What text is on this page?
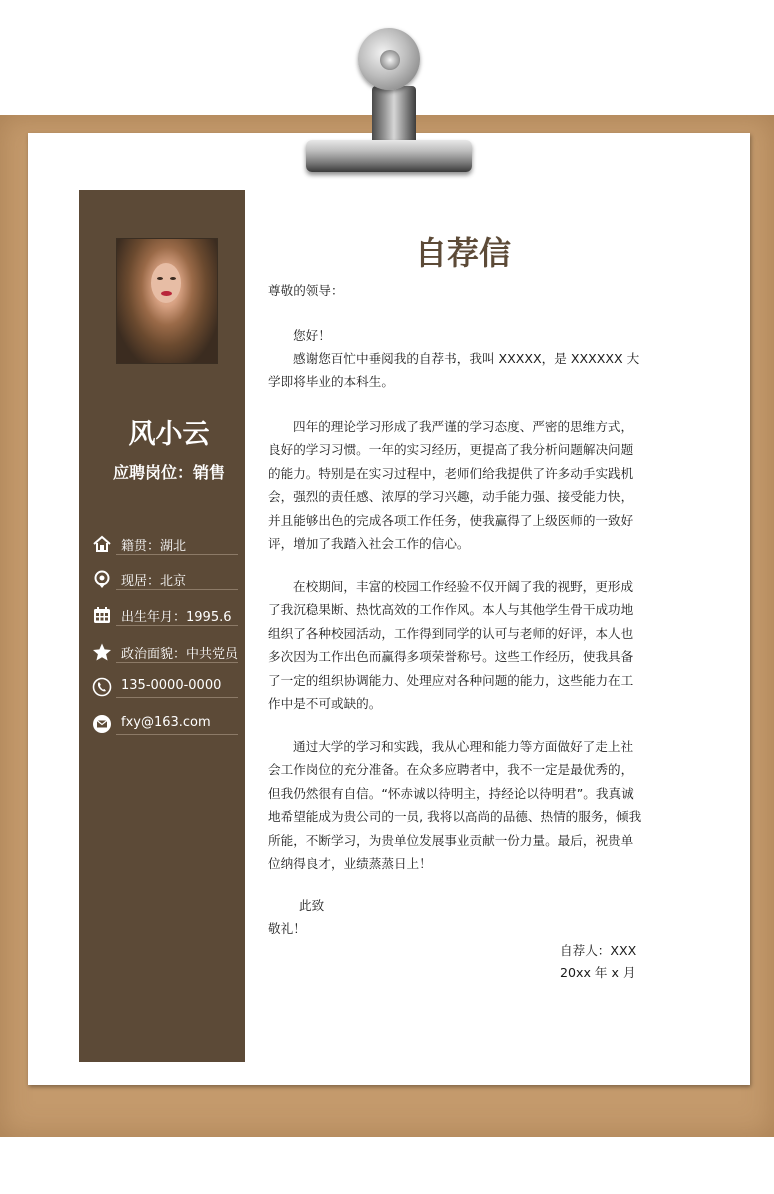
风小云
应聘岗位：销售
籍贯：湖北
现居：北京
出生年月：1995.6
政治面貌：中共党员
135-0000-0000
fxy@163.com
自荐信
尊敬的领导：
您好！
感谢您百忙中垂阅我的自荐书，我叫 XXXXX，是 XXXXXX 大学即将毕业的本科生。
四年的理论学习形成了我严谨的学习态度、严密的思维方式，良好的学习习惯。一年的实习经历，更提高了我分析问题解决问题的能力。特别是在实习过程中，老师们给我提供了许多动手实践机会，强烈的责任感、浓厚的学习兴趣，动手能力强、接受能力快，并且能够出色的完成各项工作任务，使我赢得了上级医师的一致好评，增加了我踏入社会工作的信心。
在校期间，丰富的校园工作经验不仅开阔了我的视野，更形成了我沉稳果断、热忱高效的工作作风。本人与其他学生骨干成功地组织了各种校园活动，工作得到同学的认可与老师的好评，本人也多次因为工作出色而赢得多项荣誉称号。这些工作经历，使我具备了一定的组织协调能力、处理应对各种问题的能力，这些能力在工作中是不可或缺的。
通过大学的学习和实践，我从心理和能力等方面做好了走上社会工作岗位的充分准备。在众多应聘者中，我不一定是最优秀的，但我仍然很有自信。“怀赤诚以待明主，持经论以待明君”。我真诚地希望能成为贵公司的一员, 我将以高尚的品德、热情的服务，倾我所能，不断学习，为贵单位发展事业贡献一份力量。最后，祝贵单位纳得良才，业绩蒸蒸日上！
此致
敬礼！
自荐人：XXX
20xx 年 x 月
